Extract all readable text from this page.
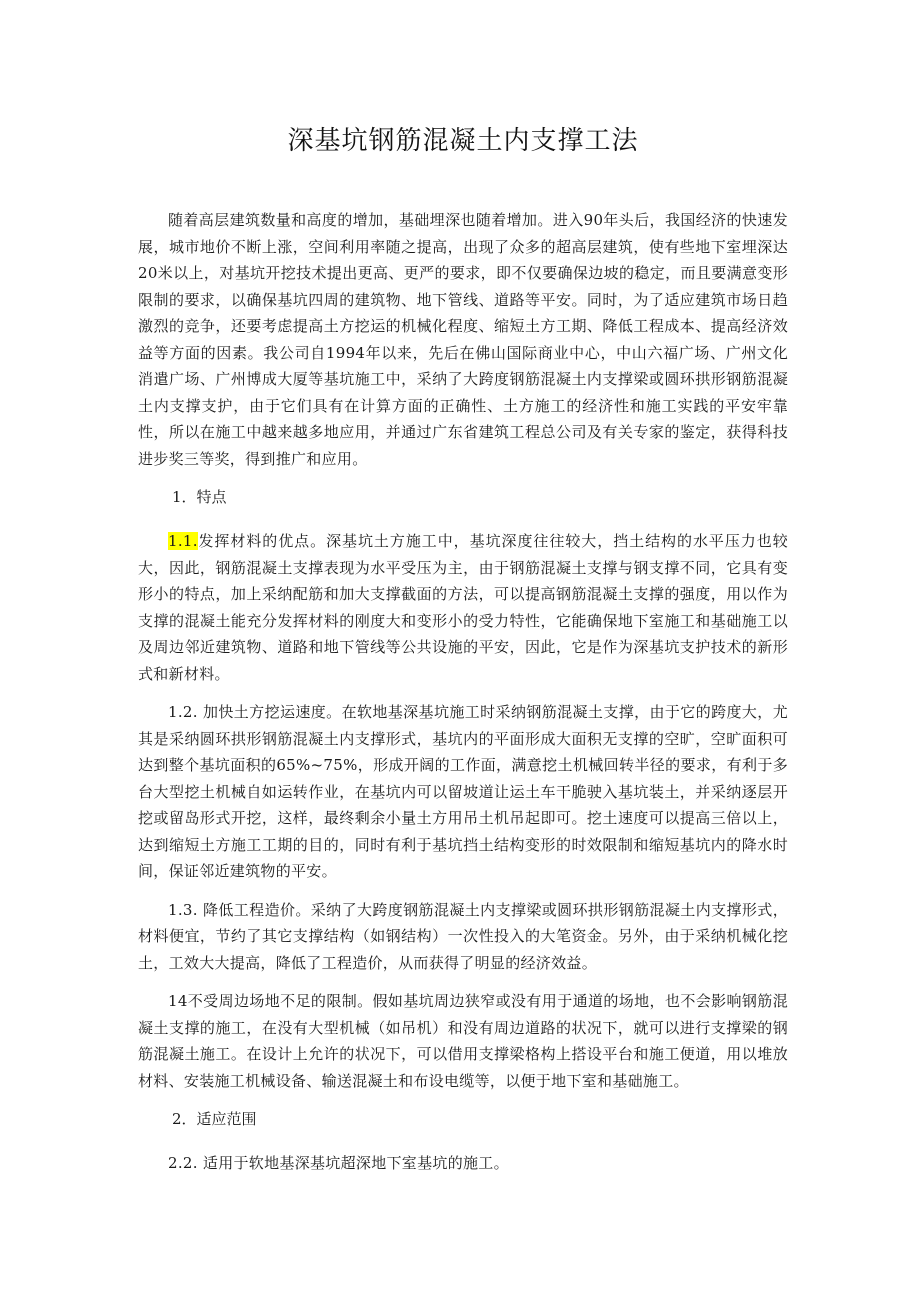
深基坑钢筋混凝土内支撑工法

随着高层建筑数量和高度的增加，基础埋深也随着增加。进入90年头后，我国经济的快速发展，城市地价不断上涨，空间利用率随之提高，出现了众多的超高层建筑，使有些地下室埋深达20米以上，对基坑开挖技术提出更高、更严的要求，即不仅要确保边坡的稳定，而且要满意变形限制的要求，以确保基坑四周的建筑物、地下管线、道路等平安。同时，为了适应建筑市场日趋激烈的竞争，还要考虑提高土方挖运的机械化程度、缩短土方工期、降低工程成本、提高经济效益等方面的因素。我公司自1994年以来，先后在佛山国际商业中心，中山六福广场、广州文化消遣广场、广州博成大厦等基坑施工中，采纳了大跨度钢筋混凝土内支撑梁或圆环拱形钢筋混凝土内支撑支护，由于它们具有在计算方面的正确性、土方施工的经济性和施工实践的平安牢靠性，所以在施工中越来越多地应用，并通过广东省建筑工程总公司及有关专家的鉴定，获得科技进步奖三等奖，得到推广和应用。

1．特点

1.1.发挥材料的优点。深基坑土方施工中，基坑深度往往较大，挡土结构的水平压力也较大，因此，钢筋混凝土支撑表现为水平受压为主，由于钢筋混凝土支撑与钢支撑不同，它具有变形小的特点，加上采纳配筋和加大支撑截面的方法，可以提高钢筋混凝土支撑的强度，用以作为支撑的混凝土能充分发挥材料的刚度大和变形小的受力特性，它能确保地下室施工和基础施工以及周边邻近建筑物、道路和地下管线等公共设施的平安，因此，它是作为深基坑支护技术的新形式和新材料。

1.2. 加快土方挖运速度。在软地基深基坑施工时采纳钢筋混凝土支撑，由于它的跨度大，尤其是采纳圆环拱形钢筋混凝土内支撑形式，基坑内的平面形成大面积无支撑的空旷，空旷面积可达到整个基坑面积的65%~75%，形成开阔的工作面，满意挖土机械回转半径的要求，有利于多台大型挖土机械自如运转作业，在基坑内可以留坡道让运土车干脆驶入基坑装土，并采纳逐层开挖或留岛形式开挖，这样，最终剩余小量土方用吊土机吊起即可。挖土速度可以提高三倍以上，达到缩短土方施工工期的目的，同时有利于基坑挡土结构变形的时效限制和缩短基坑内的降水时间，保证邻近建筑物的平安。

1.3. 降低工程造价。采纳了大跨度钢筋混凝土内支撑梁或圆环拱形钢筋混凝土内支撑形式，材料便宜，节约了其它支撑结构（如钢结构）一次性投入的大笔资金。另外，由于采纳机械化挖土，工效大大提高，降低了工程造价，从而获得了明显的经济效益。

14不受周边场地不足的限制。假如基坑周边狭窄或没有用于通道的场地，也不会影响钢筋混凝土支撑的施工，在没有大型机械（如吊机）和没有周边道路的状况下，就可以进行支撑梁的钢筋混凝土施工。在设计上允许的状况下，可以借用支撑梁格构上搭设平台和施工便道，用以堆放材料、安装施工机械设备、输送混凝土和布设电缆等，以便于地下室和基础施工。

2．适应范围

2.2. 适用于软地基深基坑超深地下室基坑的施工。
